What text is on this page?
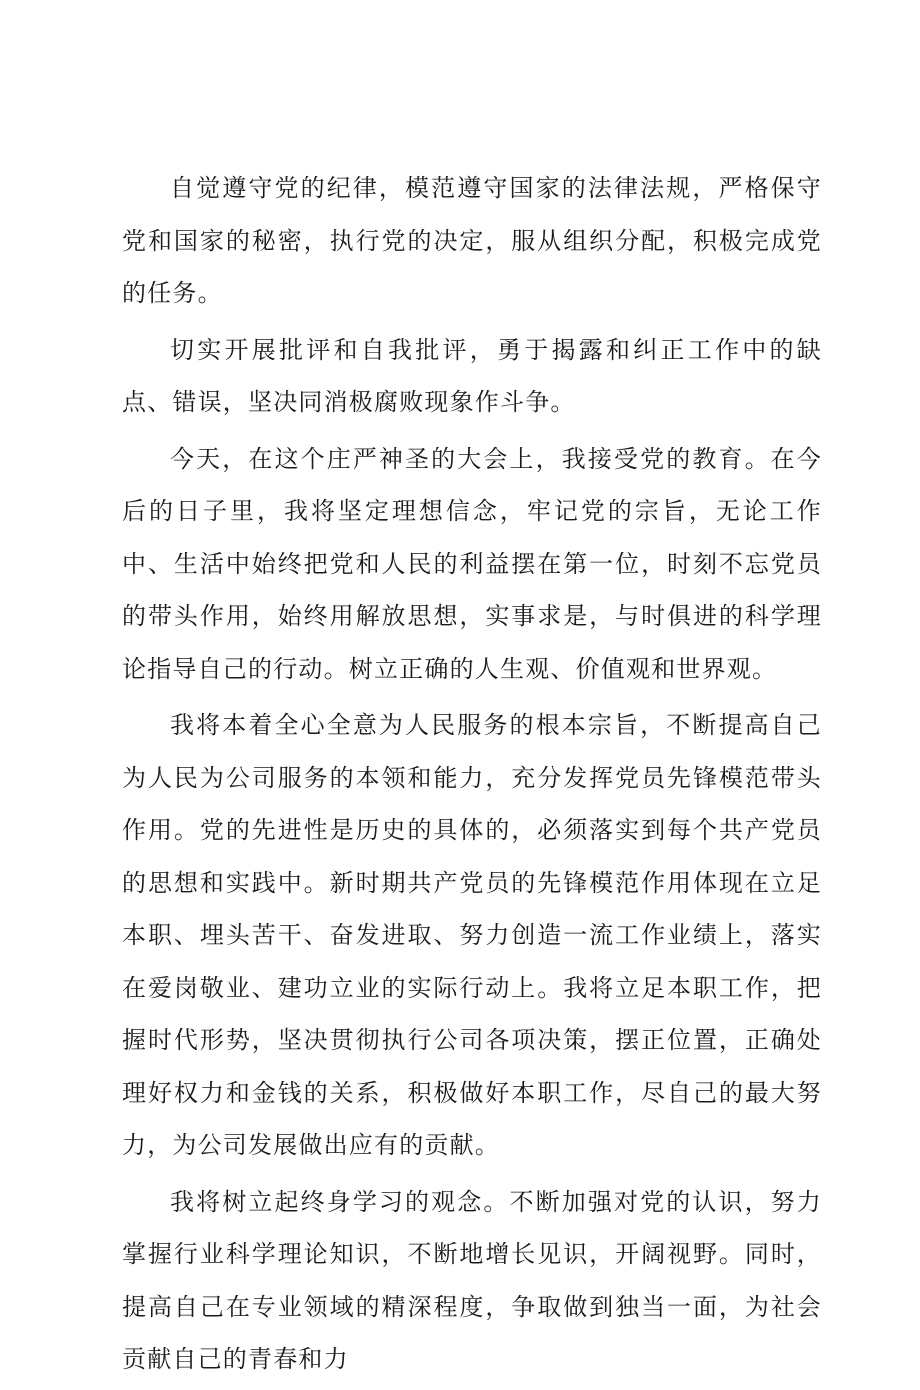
自觉遵守党的纪律，模范遵守国家的法律法规，严格保守党和国家的秘密，执行党的决定，服从组织分配，积极完成党的任务。

切实开展批评和自我批评，勇于揭露和纠正工作中的缺点、错误，坚决同消极腐败现象作斗争。

今天，在这个庄严神圣的大会上，我接受党的教育。在今后的日子里，我将坚定理想信念，牢记党的宗旨，无论工作中、生活中始终把党和人民的利益摆在第一位，时刻不忘党员的带头作用，始终用解放思想，实事求是，与时俱进的科学理论指导自己的行动。树立正确的人生观、价值观和世界观。

我将本着全心全意为人民服务的根本宗旨，不断提高自己为人民为公司服务的本领和能力，充分发挥党员先锋模范带头作用。党的先进性是历史的具体的，必须落实到每个共产党员的思想和实践中。新时期共产党员的先锋模范作用体现在立足本职、埋头苦干、奋发进取、努力创造一流工作业绩上，落实在爱岗敬业、建功立业的实际行动上。我将立足本职工作，把握时代形势，坚决贯彻执行公司各项决策，摆正位置，正确处理好权力和金钱的关系，积极做好本职工作，尽自己的最大努力，为公司发展做出应有的贡献。

我将树立起终身学习的观念。不断加强对党的认识，努力掌握行业科学理论知识，不断地增长见识，开阔视野。同时，提高自己在专业领域的精深程度，争取做到独当一面，为社会贡献自己的青春和力
